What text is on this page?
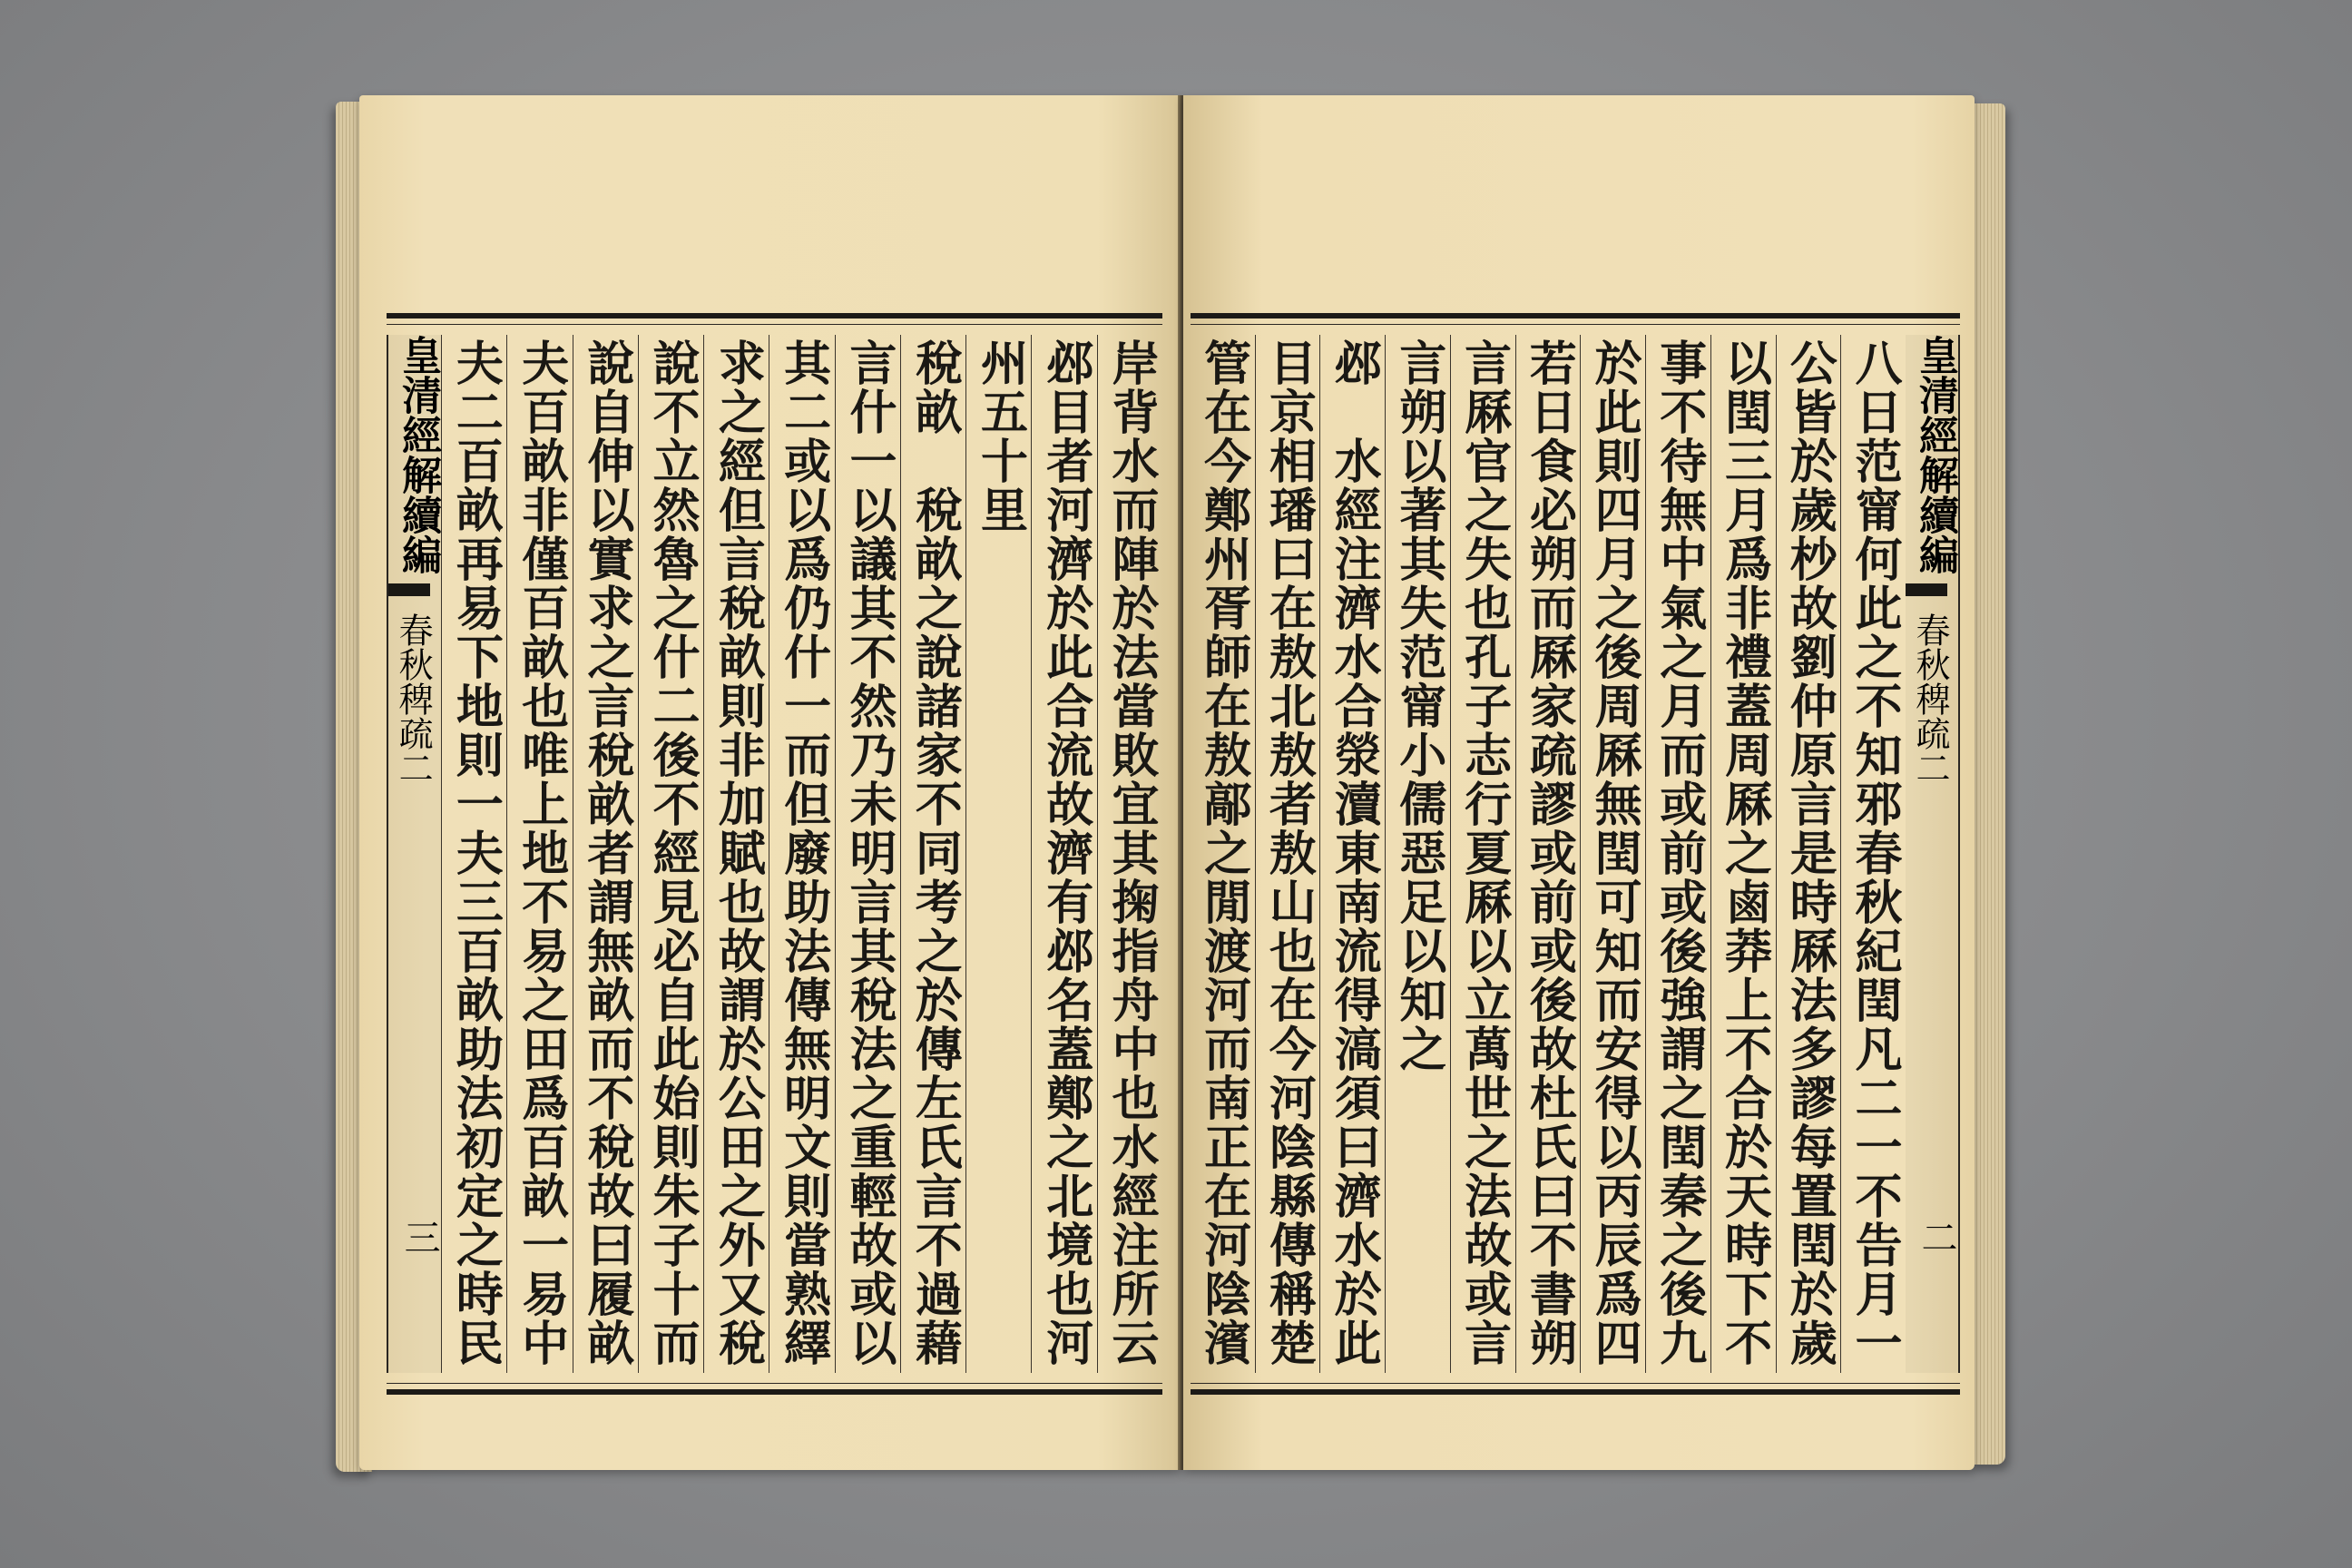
岸背水而陣於法當敗宜其掬指舟中也水經注所云
邲目者河濟於此合流故濟有邲名蓋鄭之北境也河
州五十里
稅畝　稅畝之說諸家不同考之於傳左氏言不過藉
言什一以議其不然乃未明言其稅法之重輕故或以
其二或以爲仍什一而但廢助法傳無明文則當熟繹
求之經但言稅畝則非加賦也故謂於公田之外又稅
說不立然魯之什二後不經見必自此始則朱子十而
說自伸以實求之言稅畝者謂無畝而不稅故曰履畝
夫百畝非僅百畝也唯上地不易之田爲百畝一易中
夫二百畝再易下地則一夫三百畝助法初定之時民
皇清經解續編
春秋稗疏二
三
皇清經解續編
春秋稗疏二
二
八日范甯何此之不知邪春秋紀閏凡二一不告月一
公皆於歲杪故劉仲原言是時厤法多謬每置閏於歲
以閏三月爲非禮蓋周厤之鹵莽上不合於天時下不
事不待無中氣之月而或前或後強謂之閏秦之後九
於此則四月之後周厤無閏可知而安得以丙辰爲四
若日食必朔而厤家疏謬或前或後故杜氏曰不書朔
言厤官之失也孔子志行夏厤以立萬世之法故或言
言朔以著其失范甯小儒惡足以知之
邲　水經注濟水合滎瀆東南流得滈須曰濟水於此
目京相璠曰在敖北敖者敖山也在今河陰縣傳稱楚
管在今鄭州胥師在敖鄗之閒渡河而南正在河陰濱
